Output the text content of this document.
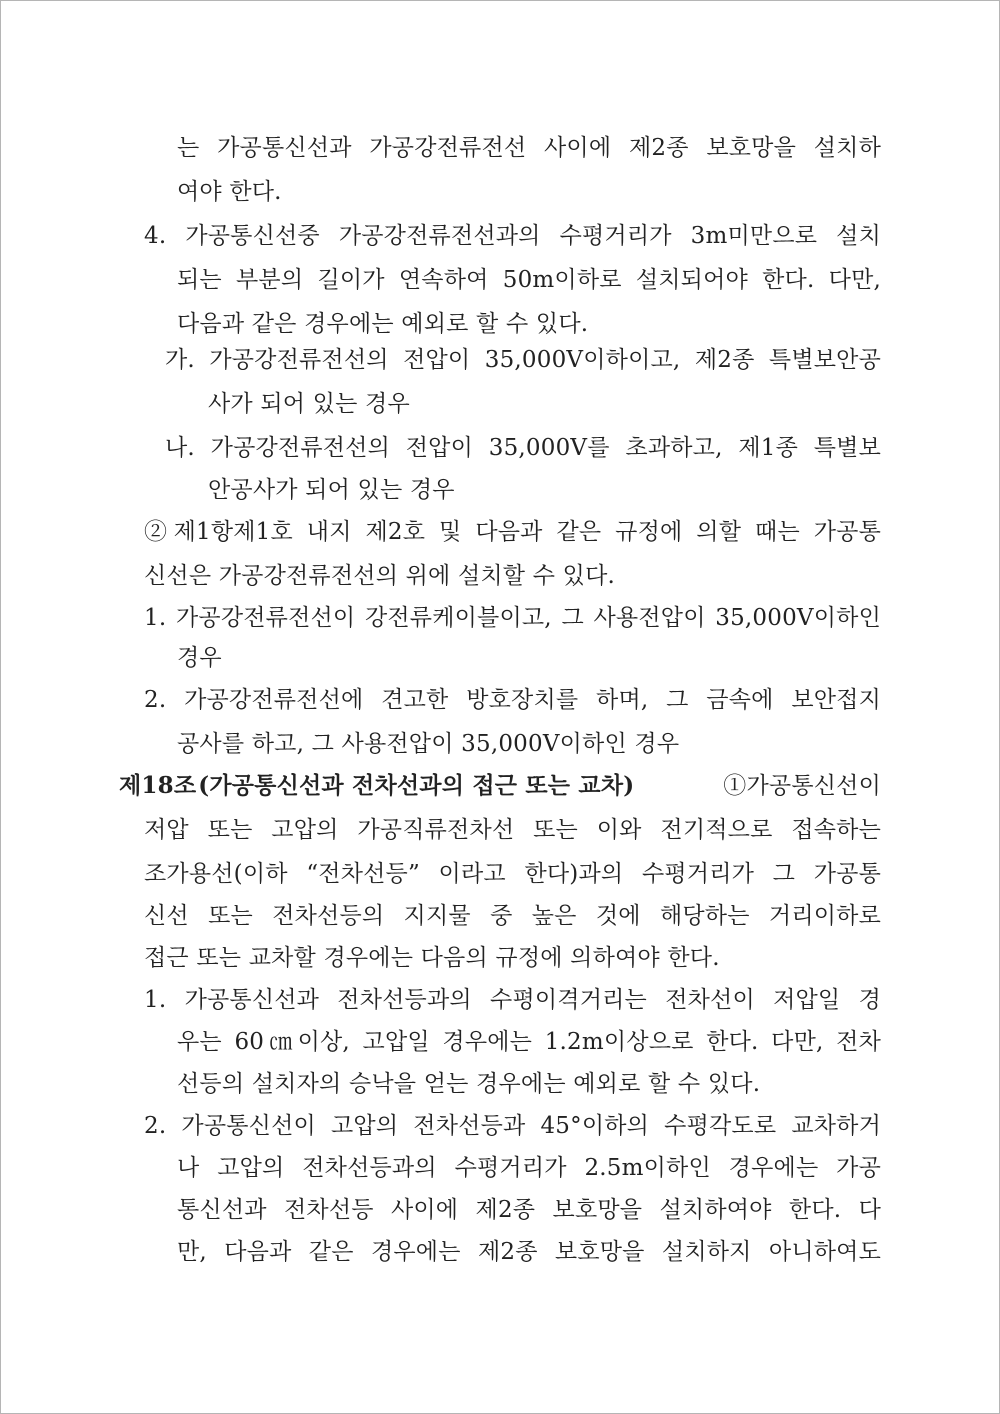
는 가공통신선과 가공강전류전선 사이에 제2종 보호망을 설치하
여야 한다.
4. 가공통신선중 가공강전류전선과의 수평거리가 3m미만으로 설치
되는 부분의 길이가 연속하여 50m이하로 설치되어야 한다. 다만,
다음과 같은 경우에는 예외로 할 수 있다.
가. 가공강전류전선의 전압이 35,000V이하이고, 제2종 특별보안공
사가 되어 있는 경우
나. 가공강전류전선의 전압이 35,000V를 초과하고, 제1종 특별보
안공사가 되어 있는 경우
②제1항제1호 내지 제2호 및 다음과 같은 규정에 의할 때는 가공통
신선은 가공강전류전선의 위에 설치할 수 있다.
1. 가공강전류전선이 강전류케이블이고, 그 사용전압이 35,000V이하인
경우
2. 가공강전류전선에 견고한 방호장치를 하며, 그 금속에 보안접지
공사를 하고, 그 사용전압이 35,000V이하인 경우
제18조 (가공통신선과 전차선과의 접근 또는 교차)	①가공통신선이
저압 또는 고압의 가공직류전차선 또는 이와 전기적으로 접속하는
조가용선(이하 “전차선등” 이라고 한다)과의 수평거리가 그 가공통
신선 또는 전차선등의 지지물 중 높은 것에 해당하는 거리이하로
접근 또는 교차할 경우에는 다음의 규정에 의하여야 한다.
1. 가공통신선과 전차선등과의 수평이격거리는 전차선이 저압일 경
우는 60㎝이상, 고압일 경우에는 1.2m이상으로 한다. 다만, 전차
선등의 설치자의 승낙을 얻는 경우에는 예외로 할 수 있다.
2. 가공통신선이 고압의 전차선등과 45°이하의 수평각도로 교차하거
나 고압의 전차선등과의 수평거리가 2.5m이하인 경우에는 가공
통신선과 전차선등 사이에 제2종 보호망을 설치하여야 한다. 다
만, 다음과 같은 경우에는 제2종 보호망을 설치하지 아니하여도
